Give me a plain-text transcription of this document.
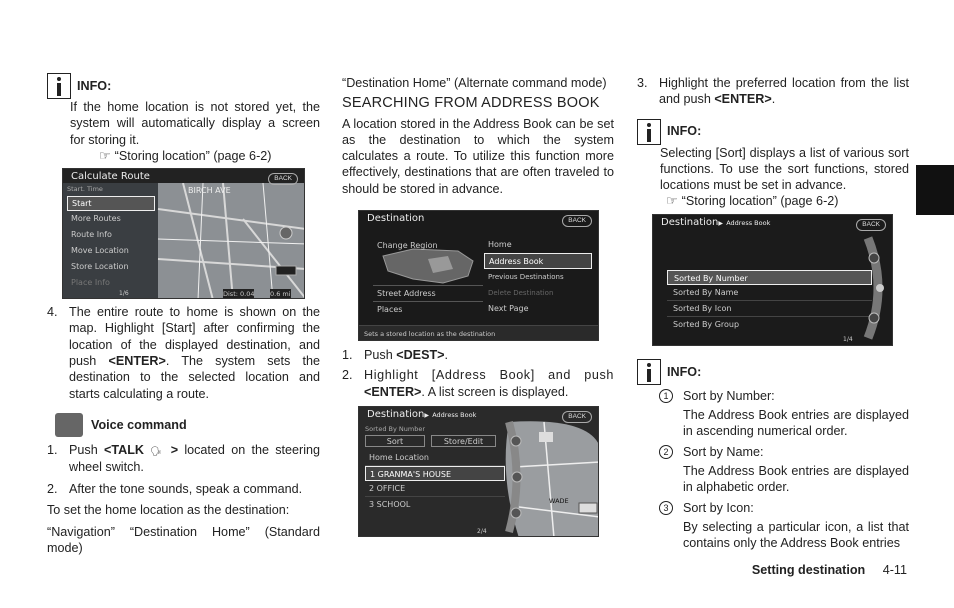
INFO:

If the home location is not stored yet, the system will automatically display a screen for storing it.

☞ “Storing location” (page 6-2)
Calculate Route	BACK
BIRCH AVE
Start. Time
Start
More Routes
Route Info
Move Location
Store Location
Place Info
1/6	Dist: 0.04 0.6 mi
4. The entire route to home is shown on the map. Highlight [Start] after confirming the location of the displayed destination, and push <ENTER>. The system sets the destination to the selected location and starts calculating a route.

Voice command
1. Push <TALK 🗣 > located on the steering wheel switch.

2. After the tone sounds, speak a command.

To set the home location as the destination:

“Navigation” “Destination Home” (Standard mode)

“Destination Home” (Alternate command mode)

SEARCHING FROM ADDRESS BOOK

A location stored in the Address Book can be set as the destination to which the system calculates a route. To utilize this function more effectively, destinations that are often traveled to should be stored in advance.

Destination	BACK
Change Region
Street Address
Places
Home
Address Book
Previous Destinations
Delete Destination
Next Page
Sets a stored location as the destination
1. Push <DEST>.

2. Highlight [Address Book] and push <ENTER>. A list screen is displayed.

Destination▶ Address Book	BACK
Sorted By Number
Sort	Store/Edit
Home Location
1 GRANMA'S HOUSE
2 OFFICE
3 SCHOOL
2/4
WADE
3. Highlight the preferred location from the list and push <ENTER>.

INFO:

Selecting [Sort] displays a list of various sort functions. To use the sort functions, stored locations must be set in advance.

☞ “Storing location” (page 6-2)
Destination▶ Address Book	BACK
Sorted By Number
Sorted By Name
Sorted By Icon
Sorted By Group
1/4
INFO:
1	Sort by Number:

The Address Book entries are displayed in ascending numerical order.

2	Sort by Name:

The Address Book entries are displayed in alphabetic order.

3	Sort by Icon:

By selecting a particular icon, a list that contains only the Address Book entries

Setting destination 4-11
